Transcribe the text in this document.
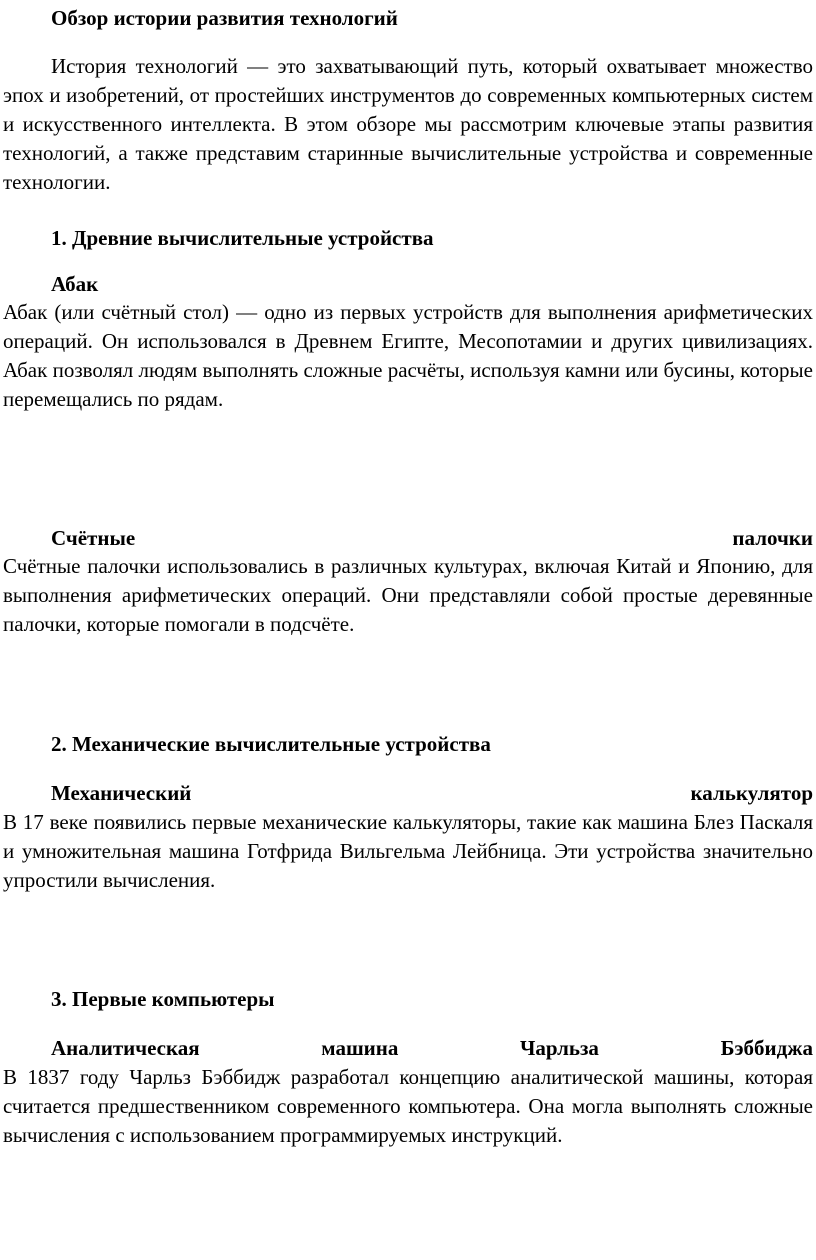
Обзор истории развития технологий

История технологий — это захватывающий путь, который охватывает множество эпох и изобретений, от простейших инструментов до современных компьютерных систем и искусственного интеллекта. В этом обзоре мы рассмотрим ключевые этапы развития технологий, а также представим старинные вычислительные устройства и современные технологии.

1. Древние вычислительные устройства
Абак

Абак (или счётный стол) — одно из первых устройств для выполнения арифметических операций. Он использовался в Древнем Египте, Месопотамии и других цивилизациях. Абак позволял людям выполнять сложные расчёты, используя камни или бусины, которые перемещались по рядам.

Счётные	палочки

Счётные палочки использовались в различных культурах, включая Китай и Японию, для выполнения арифметических операций. Они представляли собой простые деревянные палочки, которые помогали в подсчёте.

2. Механические вычислительные устройства
Механический	калькулятор

В 17 веке появились первые механические калькуляторы, такие как машина Блез Паскаля и умножительная машина Готфрида Вильгельма Лейбница. Эти устройства значительно упростили вычисления.

3. Первые компьютеры
Аналитическая	машина	Чарльза	Бэббиджа

В 1837 году Чарльз Бэббидж разработал концепцию аналитической машины, которая считается предшественником современного компьютера. Она могла выполнять сложные вычисления с использованием программируемых инструкций.
